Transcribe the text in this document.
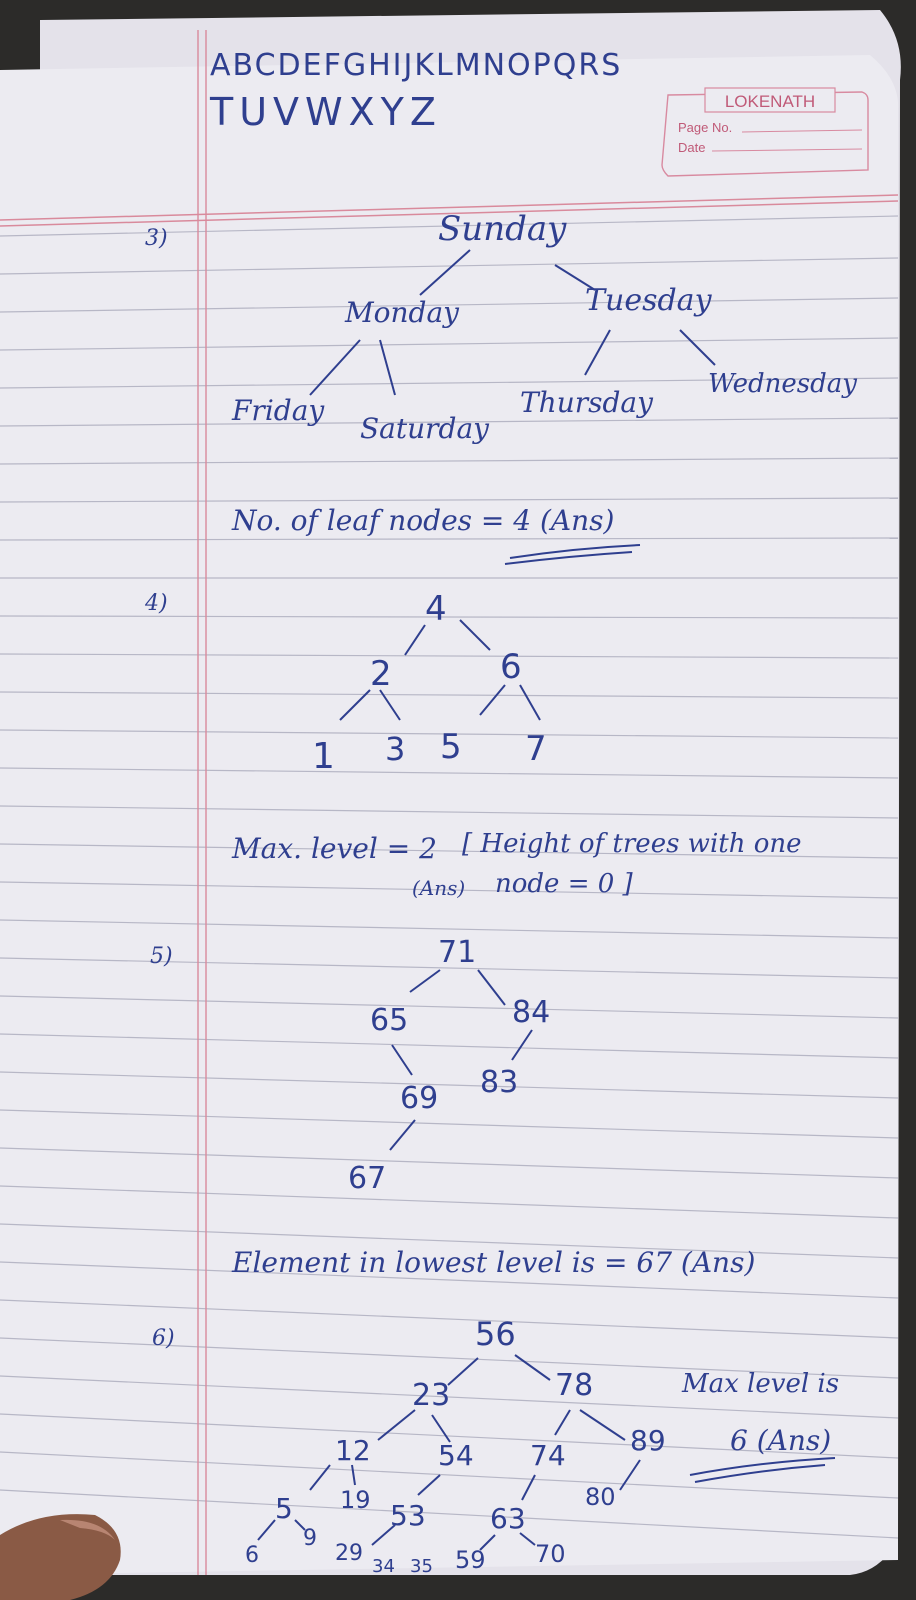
LOKENATH
Page No.
Date
ABCDEFGHIJKLMNOPQRS
TUVWXYZ
3)	Sunday
Monday	Tuesday
Friday
Saturday
Thursday
Wednesday
No. of leaf nodes = 4 (Ans)
4)	4
2	6
1 3 5 7
Max. level = 2
(Ans)
[ Height of trees with one
node = 0 ]
5)	71
65	84
69 83
67
Element in lowest level is = 67 (Ans)
6)	56
23	78
12 54 74 89
5 19 53 63
80
6
9
29
34 35 59 70
Max level is
6 (Ans)
